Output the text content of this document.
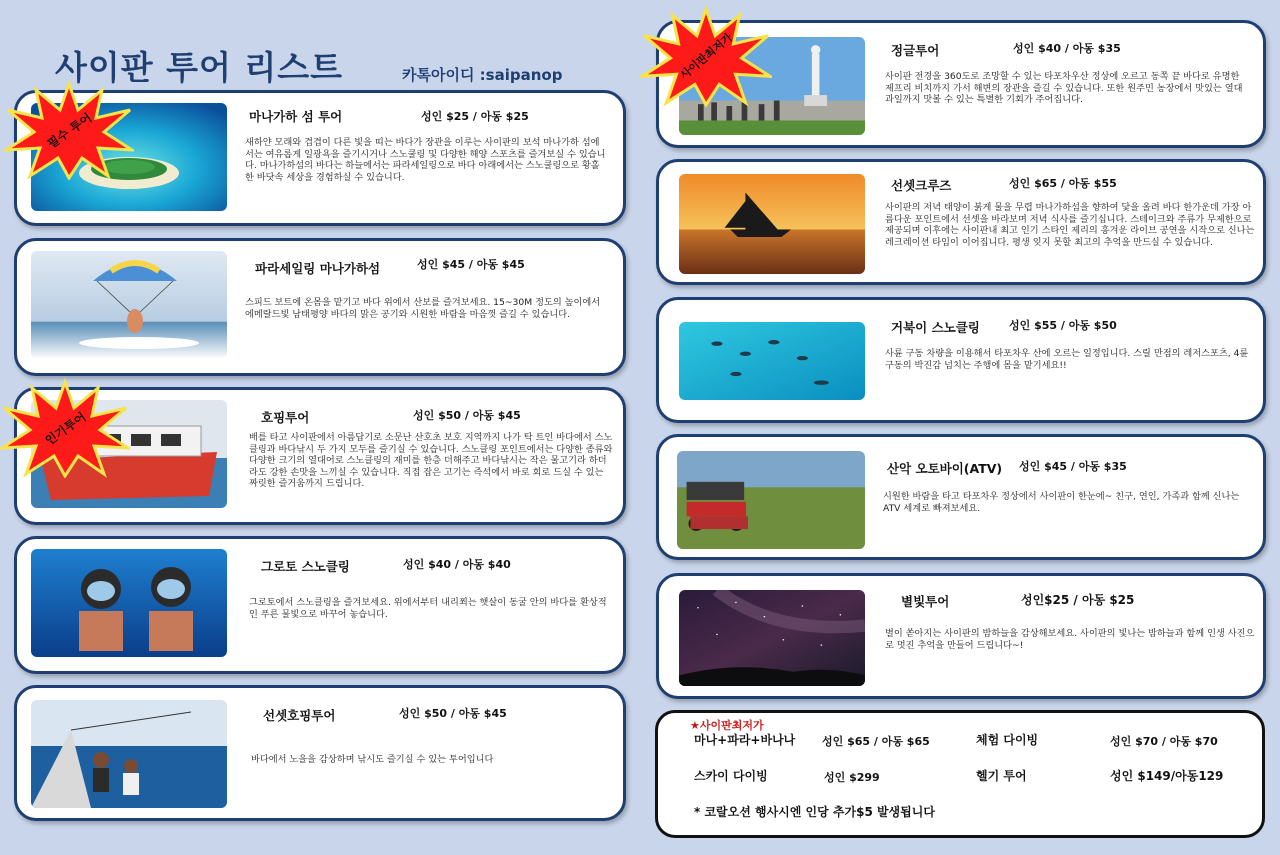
사이판 투어 리스트	카톡아이디 :saipanop
마나가하 섬 투어	성인 $25 / 아동 $25
새하얀 모래와 겹겹이 다른 빛을 띠는 바다가 장관을 이루는 사이판의 보석 마나가하 섬에서는 여유롭게 일광욕을 즐기시거나 스노쿨링 및 다양한 해양 스포츠를 즐겨보실 수 있습니다. 마나가하섬의 바다는 하늘에서는 파라세일링으로 바다 아래에서는 스노쿨링으로 황홀한 바닷속 세상을 경험하실 수 있습니다.
파라세일링 마나가하섬	성인 $45 / 아동 $45
스피드 보트에 온몸을 맡기고 바다 위에서 산보를 즐겨보세요. 15~30M 정도의 높이에서 에메랄드빛 남태평양 바다의 맑은 공기와 시원한 바람을 마음껏 즐길 수 있습니다.
호핑투어	성인 $50 / 아동 $45
배를 타고 사이판에서 아름답기로 소문난 산호초 보호 지역까지 나가 탁 트인 바다에서 스노클링과 바다낚시 두 가지 모두를 즐기실 수 있습니다. 스노클링 포인트에서는 다양한 종류와 다양한 크기의 열대어로 스노클링의 재미를 한층 더해주고 바다낚시는 작은 물고기라 하더라도 강한 손맛을 느끼실 수 있습니다. 직접 잡은 고기는 즉석에서 바로 회로 드실 수 있는 짜릿한 즐거움까지 드립니다.
그로토 스노클링	성인 $40 / 아동 $40
그로토에서 스노클링을 즐겨보세요. 위에서부터 내리쬐는 햇살이 동굴 안의 바다를 환상적인 푸른 물빛으로 바꾸어 놓습니다.
선셋호핑투어	성인 $50 / 아동 $45
바다에서 노을을 감상하며 낚시도 즐기실 수 있는 투어입니다
정글투어	성인 $40 / 아동 $35
사이판 전경을 360도로 조망할 수 있는 타포차우산 정상에 오르고 동쪽 끝 바다로 유명한 제프리 비치까지 가서 해변의 장관을 즐길 수 있습니다. 또한 원주민 농장에서 맛있는 열대 과일까지 맛볼 수 있는 특별한 기회가 주어집니다.
선셋크루즈	성인 $65 / 아동 $55
사이판의 저녁 태양이 붉게 물을 무렵 마나가하섬을 향하여 닻을 올려 바다 한가운데 가장 아름다운 포인트에서 선셋을 바라보며 저녁 식사를 즐기십니다. 스테이크와 주류가 무제한으로 제공되며 이후에는 사이판내 최고 인기 스타인 제리의 흥겨운 라이브 공연을 시작으로 신나는 레크레이션 타임이 이어집니다. 평생 잊지 못할 최고의 추억을 만드실 수 있습니다.
거북이 스노클링	성인 $55 / 아동 $50
사륜 구동 차량을 이용해서 타포차우 산에 오르는 일정입니다. 스릴 만점의 레저스포츠, 4륜 구동의 박진감 넘치는 주행에 몸을 맡기세요!!
산악 오토바이(ATV) 성인 $45 / 아동 $35
시원한 바람을 타고 타포차우 정상에서 사이판이 한눈에~ 친구, 연인, 가족과 함께 신나는 ATV 세계로 빠져보세요.
별빛투어	성인$25 / 아동 $25
별이 쏟아지는 사이판의 밤하늘을 감상해보세요. 사이판의 빛나는 밤하늘과 함께 인생 사진으로 멋진 추억을 만들어 드립니다~!
★사이판최저가
마나+파라+바나나 성인 $65 / 아동 $65	체험 다이빙	성인 $70 / 아동 $70
스카이 다이빙	성인 $299	헬기 투어	성인 $149/아동129
* 코랄오션 행사시엔 인당 추가$5 발생됩니다
필수 투어
인기투어
사이판최저가
